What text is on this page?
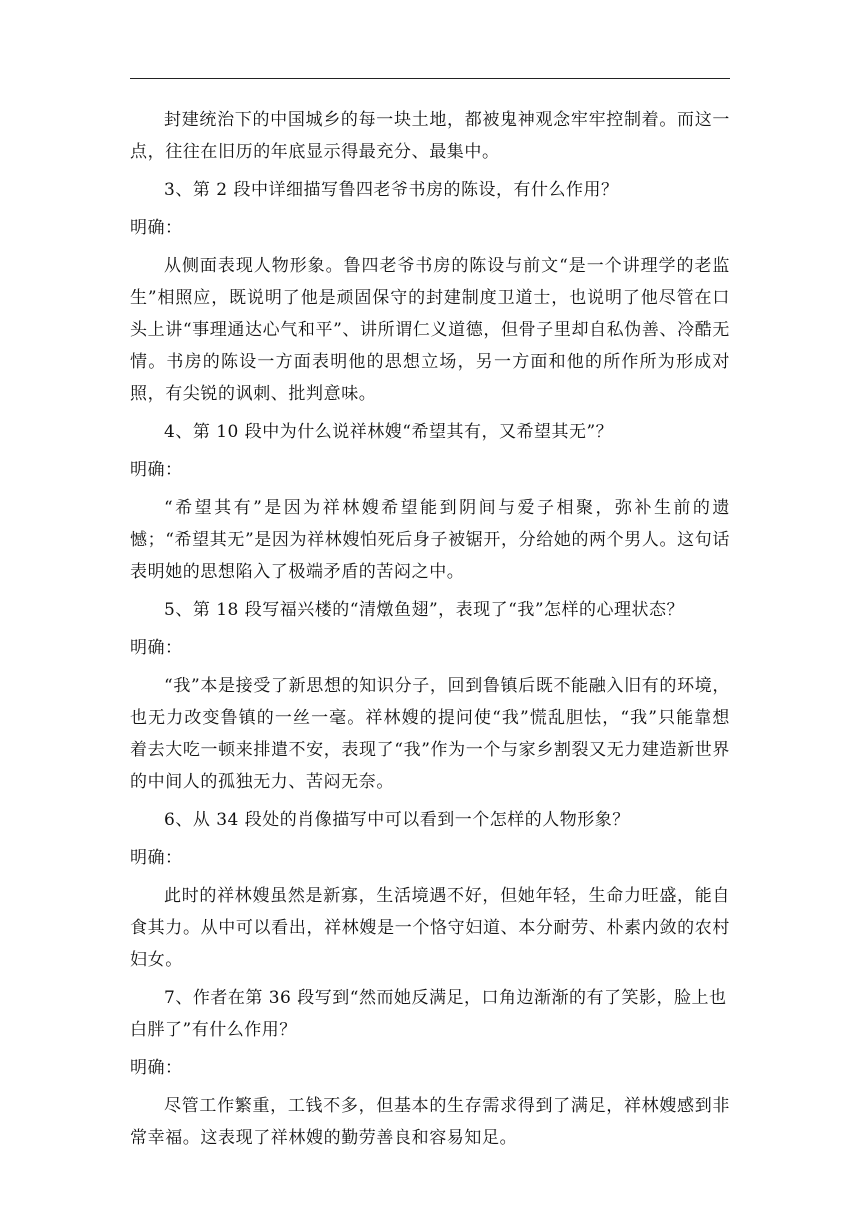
封建统治下的中国城乡的每一块土地，都被鬼神观念牢牢控制着。而这一点，往往在旧历的年底显示得最充分、最集中。

3、第 2 段中详细描写鲁四老爷书房的陈设，有什么作用？

明确：

从侧面表现人物形象。鲁四老爷书房的陈设与前文“是一个讲理学的老监生”相照应，既说明了他是顽固保守的封建制度卫道士，也说明了他尽管在口头上讲“事理通达心气和平”、讲所谓仁义道德，但骨子里却自私伪善、冷酷无情。书房的陈设一方面表明他的思想立场，另一方面和他的所作所为形成对照，有尖锐的讽刺、批判意味。

4、第 10 段中为什么说祥林嫂“希望其有，又希望其无”？

明确：

“希望其有”是因为祥林嫂希望能到阴间与爱子相聚，弥补生前的遗憾；“希望其无”是因为祥林嫂怕死后身子被锯开，分给她的两个男人。这句话表明她的思想陷入了极端矛盾的苦闷之中。

5、第 18 段写福兴楼的“清燉鱼翅”，表现了“我”怎样的心理状态？

明确：

“我”本是接受了新思想的知识分子，回到鲁镇后既不能融入旧有的环境，也无力改变鲁镇的一丝一毫。祥林嫂的提问使“我”慌乱胆怯，“我”只能靠想着去大吃一顿来排遣不安，表现了“我”作为一个与家乡割裂又无力建造新世界的中间人的孤独无力、苦闷无奈。

6、从 34 段处的肖像描写中可以看到一个怎样的人物形象？

明确：

此时的祥林嫂虽然是新寡，生活境遇不好，但她年轻，生命力旺盛，能自食其力。从中可以看出，祥林嫂是一个恪守妇道、本分耐劳、朴素内敛的农村妇女。

7、作者在第 36 段写到“然而她反满足，口角边渐渐的有了笑影，脸上也白胖了”有什么作用？

明确：

尽管工作繁重，工钱不多，但基本的生存需求得到了满足，祥林嫂感到非常幸福。这表现了祥林嫂的勤劳善良和容易知足。
